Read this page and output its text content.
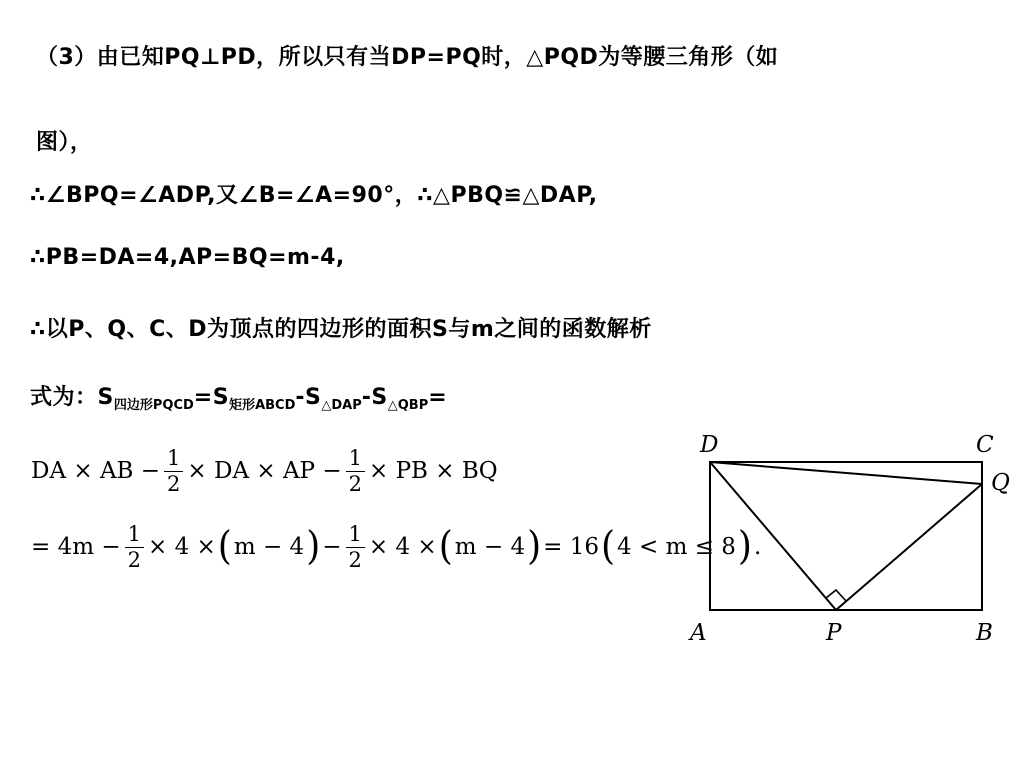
（3）由已知PQ⊥PD，所以只有当DP=PQ时，△PQD为等腰三角形（如
图），
∴∠BPQ=∠ADP,又∠B=∠A=90°，∴△PBQ≌△DAP,
∴PB=DA=4,AP=BQ=m-4,
∴以P、Q、C、D为顶点的四边形的面积S与m之间的函数解析
式为：$S_{四边形PQCD}=S_{矩形ABCD}-S_{\triangle DAP}-S_{\triangle QBP}=$
DA × AB − $\frac{1}{2}$ × DA × AP − $\frac{1}{2}$ × PB × BQ
= $4m - \frac{1}{2} \times 4$ × ( m − 4 ) − $\frac{1}{2} \times 4$ × ( m − 4 ) = 16 ( 4 < m ≤ 8 ) .
D	C
Q
A	P	B
